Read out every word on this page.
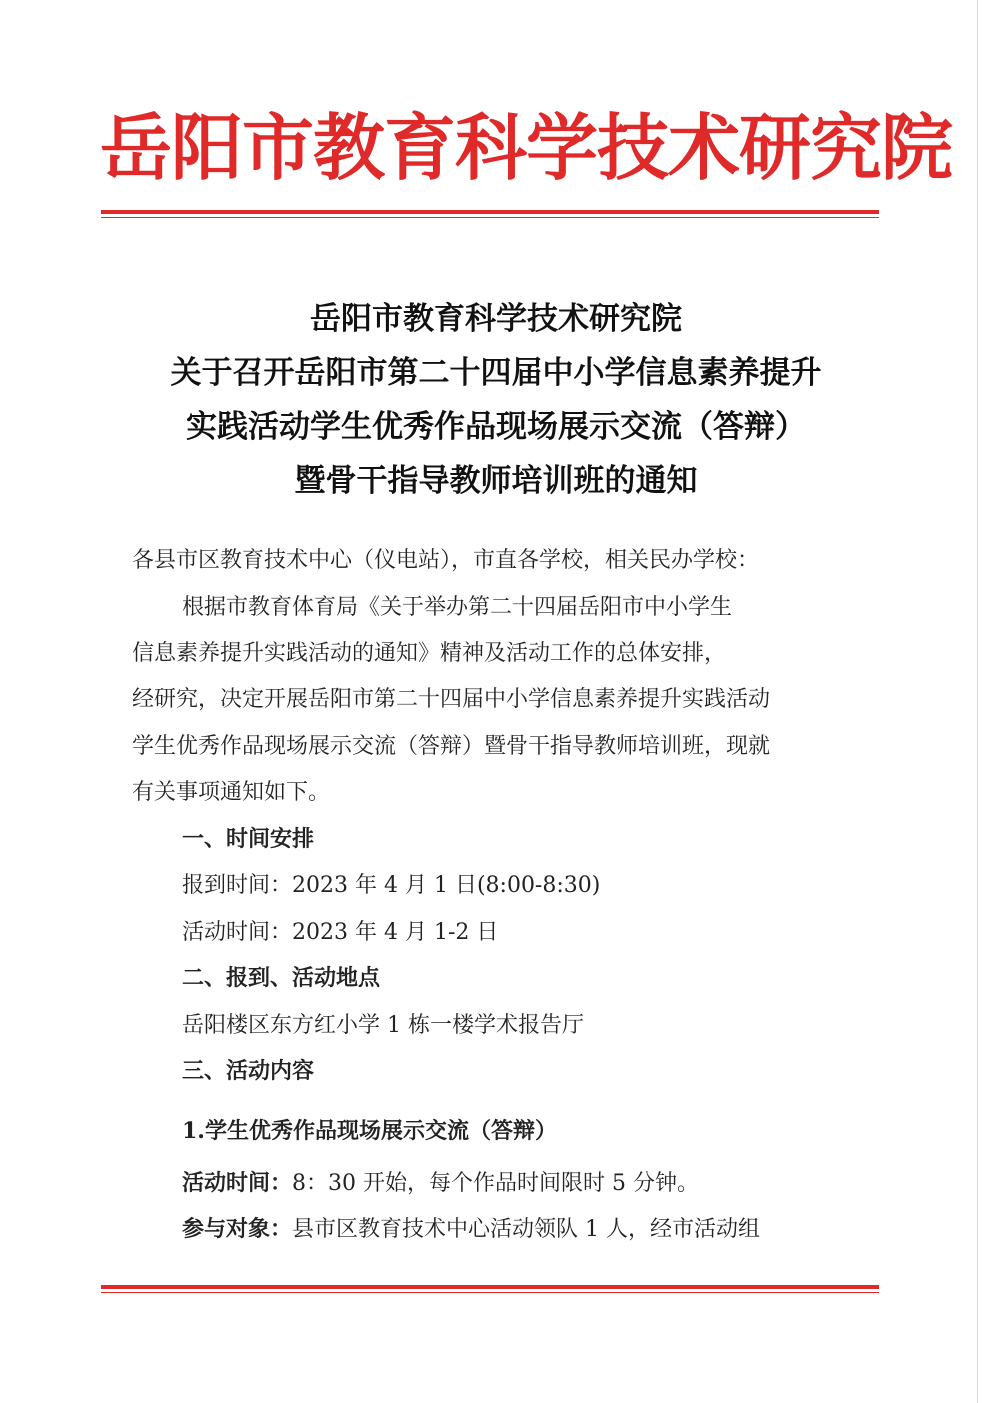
岳阳市教育科学技术研究院
岳阳市教育科学技术研究院
关于召开岳阳市第二十四届中小学信息素养提升
实践活动学生优秀作品现场展示交流（答辩）
暨骨干指导教师培训班的通知
各县市区教育技术中心（仪电站），市直各学校，相关民办学校：
根据市教育体育局《关于举办第二十四届岳阳市中小学生
信息素养提升实践活动的通知》精神及活动工作的总体安排，
经研究，决定开展岳阳市第二十四届中小学信息素养提升实践活动
学生优秀作品现场展示交流（答辩）暨骨干指导教师培训班，现就
有关事项通知如下。
一、时间安排
报到时间：2023 年 4 月 1 日(8:00-8:30)
活动时间：2023 年 4 月 1-2 日
二、报到、活动地点
岳阳楼区东方红小学 1 栋一楼学术报告厅
三、活动内容
1.学生优秀作品现场展示交流（答辩）
活动时间：8：30 开始，每个作品时间限时 5 分钟。
参与对象：县市区教育技术中心活动领队 1 人，经市活动组
